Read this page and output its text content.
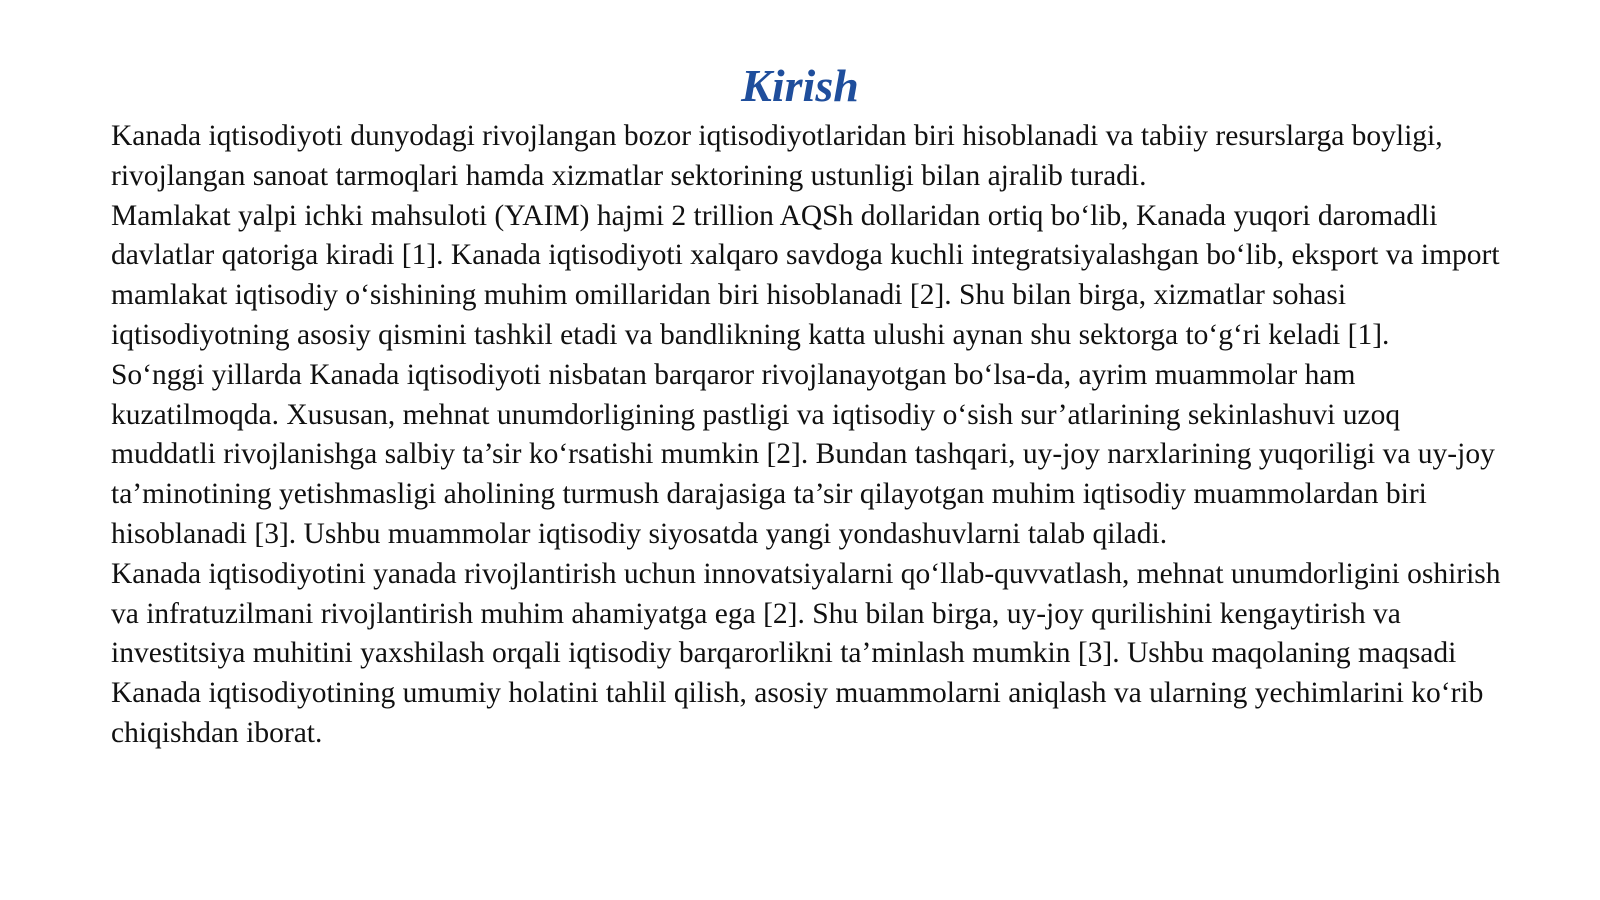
Kirish

Kanada iqtisodiyoti dunyodagi rivojlangan bozor iqtisodiyotlaridan biri hisoblanadi va tabiiy resurslarga boyligi, rivojlangan sanoat tarmoqlari hamda xizmatlar sektorining ustunligi bilan ajralib turadi.

Mamlakat yalpi ichki mahsuloti (YAIM) hajmi 2 trillion AQSh dollaridan ortiq bo‘lib, Kanada yuqori daromadli davlatlar qatoriga kiradi [1]. Kanada iqtisodiyoti xalqaro savdoga kuchli integratsiyalashgan bo‘lib, eksport va import mamlakat iqtisodiy o‘sishining muhim omillaridan biri hisoblanadi [2]. Shu bilan birga, xizmatlar sohasi iqtisodiyotning asosiy qismini tashkil etadi va bandlikning katta ulushi aynan shu sektorga to‘g‘ri keladi [1].

So‘nggi yillarda Kanada iqtisodiyoti nisbatan barqaror rivojlanayotgan bo‘lsa-da, ayrim muammolar ham kuzatilmoqda. Xususan, mehnat unumdorligining pastligi va iqtisodiy o‘sish sur’atlarining sekinlashuvi uzoq muddatli rivojlanishga salbiy ta’sir ko‘rsatishi mumkin [2]. Bundan tashqari, uy-joy narxlarining yuqoriligi va uy-joy ta’minotining yetishmasligi aholining turmush darajasiga ta’sir qilayotgan muhim iqtisodiy muammolardan biri hisoblanadi [3]. Ushbu muammolar iqtisodiy siyosatda yangi yondashuvlarni talab qiladi.

Kanada iqtisodiyotini yanada rivojlantirish uchun innovatsiyalarni qo‘llab-quvvatlash, mehnat unumdorligini oshirish va infratuzilmani rivojlantirish muhim ahamiyatga ega [2]. Shu bilan birga, uy-joy qurilishini kengaytirish va investitsiya muhitini yaxshilash orqali iqtisodiy barqarorlikni ta’minlash mumkin [3]. Ushbu maqolaning maqsadi Kanada iqtisodiyotining umumiy holatini tahlil qilish, asosiy muammolarni aniqlash va ularning yechimlarini ko‘rib chiqishdan iborat.
